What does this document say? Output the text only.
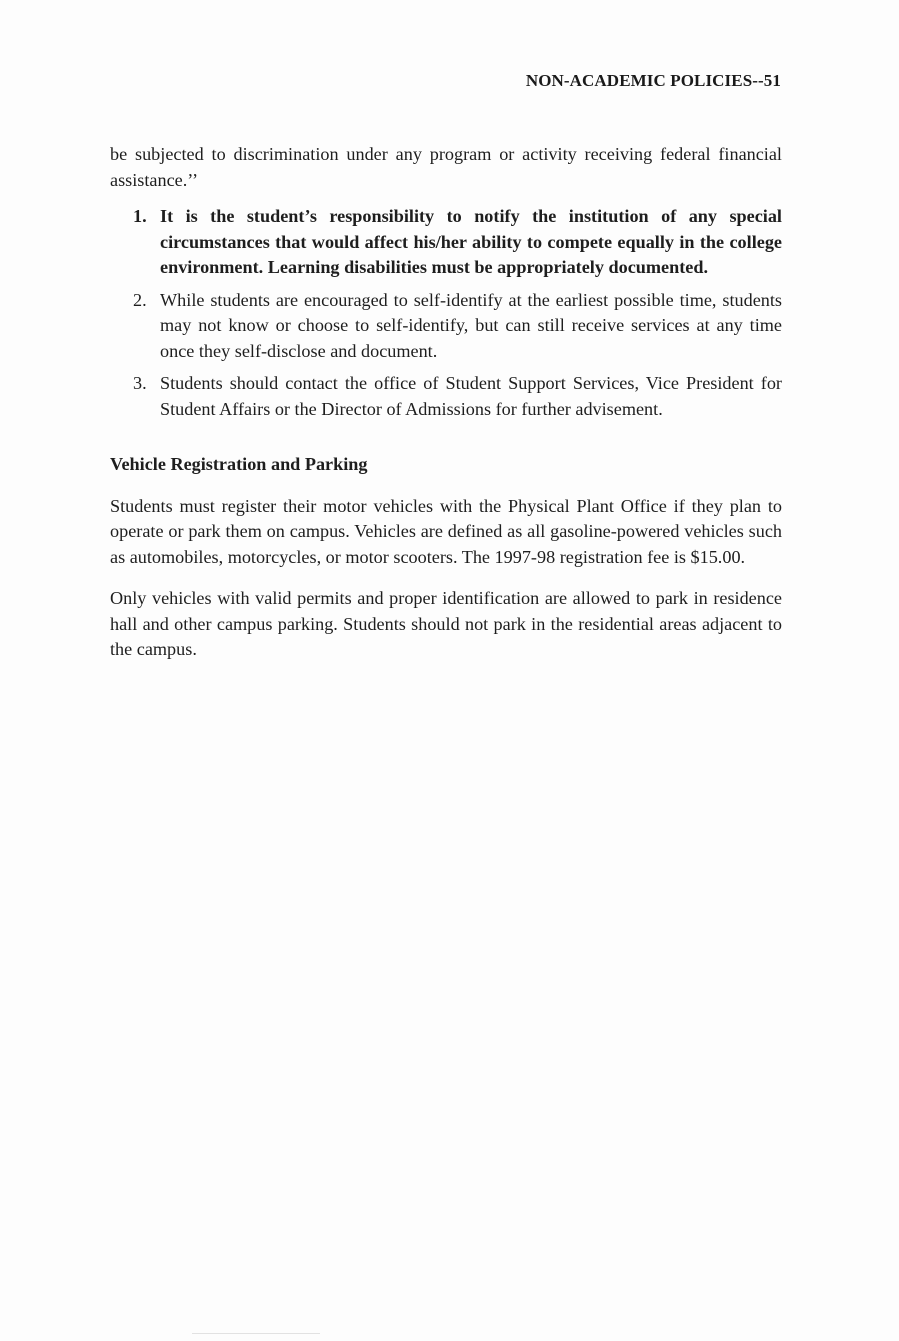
NON-ACADEMIC POLICIES--51

be subjected to discrimination under any program or activity receiving federal financial assistance.’’

1. It is the student’s responsibility to notify the institution of any special circumstances that would affect his/her ability to compete equally in the college environment. Learning disabilities must be appropriately documented.
2. While students are encouraged to self-identify at the earliest possible time, students may not know or choose to self-identify, but can still receive services at any time once they self-disclose and document.
3. Students should contact the office of Student Support Services, Vice President for Student Affairs or the Director of Admissions for further advisement.
Vehicle Registration and Parking

Students must register their motor vehicles with the Physical Plant Office if they plan to operate or park them on campus. Vehicles are defined as all gasoline-powered vehicles such as automobiles, motorcycles, or motor scooters. The 1997-98 registration fee is $15.00.

Only vehicles with valid permits and proper identification are allowed to park in residence hall and other campus parking. Students should not park in the residential areas adjacent to the campus.
